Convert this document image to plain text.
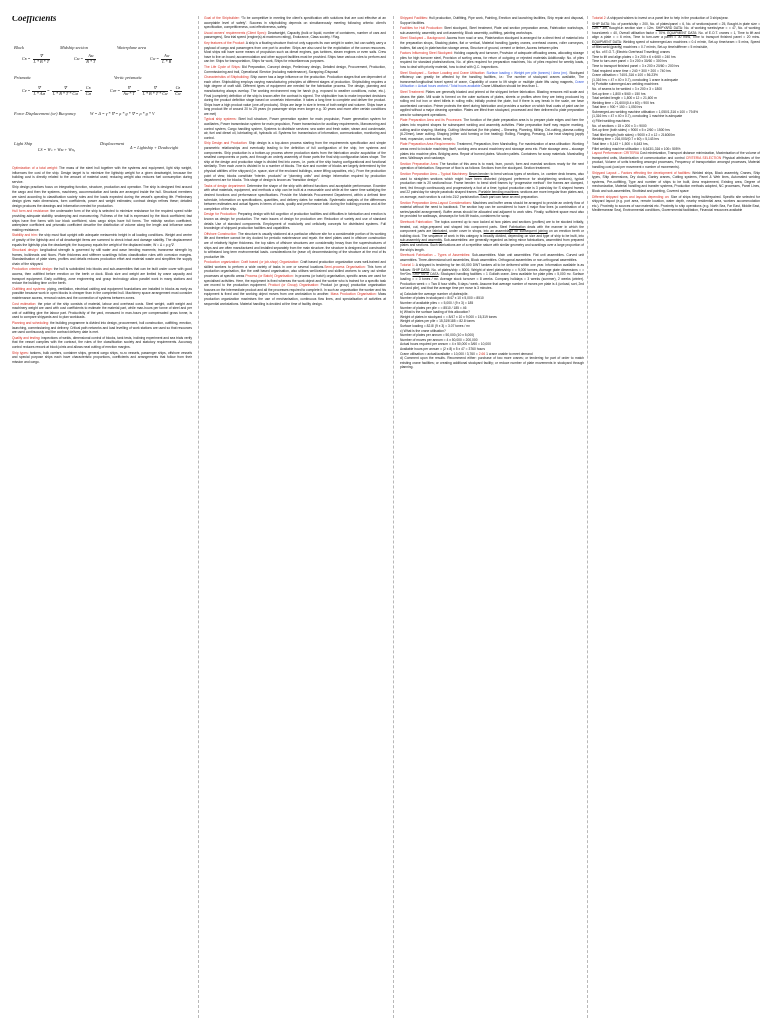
Coefficients
Block	Midship section	Waterplane area
Cʙ =
∇
L * B * T
Cᴍ = $\frac{\text{Aᴍ}}{B * T}$	Cᴡ = $\frac{\text{Aᴡ}}{L * B}$
Prismatic	Vertic prismatic
Cᴘ =
∇
L * Aᴍ
=
∇
L * B * T * Cᴍ
= $\frac{\text{Cʙ}}{\text{Cᴍ}}$	Cᴠᴘ =
∇
Aᴡ * T
=
∇
L * B * T * Cᴡ
= $\frac{\text{Cʙ}}{\text{Cᴡ}}$
Force Displacement (or) Buoyancy	W = Δ = γ * ∇ = ρ * g * ∇ = ρ * g * V
Light Ship
LS = Wₛ + Wᴍ + Wᴏₐ
Displacement
Δ = Lightship + Deadweight
Optimization of a total weight: The mass of the steel hull together with the systems and equipment, light ship weight, influences the cost of the ship. Design target is to minimize the lightship weight for a given deadweight, because the building cost is directly related to the amount of material used; reducing weight also reduces fuel consumption during service.
Ship design practices focus on integrating function, structure, production and operation. The ship is designed first around the cargo and then the systems, machinery, accommodation and tanks are arranged inside the hull. Structural members are sized according to classification society rules and the loads expected during the vessel's operating life. Preliminary design gives main dimensions, form coefficients, power and weight estimates; contract design refines these; detailed design produces the drawings and information needed for production.
Hull form and resistance: the underwater form of the ship is selected to minimize resistance for the required speed while providing adequate stability, seakeeping and manoeuvring. Fullness of the hull is expressed by the block coefficient; fast ships have fine forms with low block coefficient, slow cargo ships have full forms. The midship section coefficient, waterplane coefficient and prismatic coefficient describe the distribution of volume along the length and influence wave making resistance.
Stability and trim: the ship must float upright with adequate metacentric height in all loading conditions. Weight and centre of gravity of the lightship and of all deadweight items are summed to check intact and damage stability. The displacement equals the lightship plus the deadweight; the buoyancy equals the weight of the displaced water, W = Δ = ρ g ∇.
Structural design: longitudinal strength is governed by still water and wave bending moments; transverse strength by frames, bulkheads and floors. Plate thickness and stiffener scantlings follow classification rules with corrosion margins. Standardisation of plate sizes, profiles and details reduces production effort and material waste and simplifies the supply chain of the shipyard.
Production oriented design: the hull is subdivided into blocks and sub-assemblies that can be built under cover with good access, then outfitted before erection on the berth or dock. Block size and weight are limited by crane capacity and transport equipment. Early outfitting, zone engineering and group technology allow parallel work in many stations and reduce the building time on the berth.
Outfitting and systems: piping, ventilation, electrical cabling and equipment foundations are installed in blocks as early as possible because work in open blocks is cheaper than in the completed hull. Machinery space arrangement must consider maintenance access, removal routes and the connection of systems between zones.
Cost estimation: the price of the ship consists of material, labour and overhead costs. Steel weight, outfit weight and machinery weight are used with cost coefficients to estimate the material part, while man-hours per tonne of steel and per unit of outfitting give the labour part. Productivity of the yard, measured in man-hours per compensated gross tonne, is used to compare shipyards and to plan workloads.
Planning and scheduling: the building programme is divided into design, procurement, hull construction, outfitting, erection, launching, commissioning and delivery. Critical path networks and load levelling of work stations are used so that resources are used continuously and the contract delivery date is met.
Quality and testing: inspections of welds, dimensional control of blocks, tank tests, inclining experiment and sea trials verify that the vessel complies with the contract, the rules of the classification society and statutory requirements. Accuracy control reduces rework at block joints and allows neat cutting of erection margins.
Ship types: tankers, bulk carriers, container ships, general cargo ships, ro-ro vessels, passenger ships, offshore vessels and special purpose ships each have characteristic proportions, coefficients and arrangements that follow from their mission and cargo.
Goal of the Shipbuilder: “To be competitive in meeting the client’s specification with solutions that are cost effective at an acceptable level of safety”. Success in shipbuilding depends on simultaneously meeting following criteria: client’s specification, competitiveness, cost effectiveness, safety.
Usual owners’ requirements (Client Spec): Deadweight, Capacity (bulk or liquid, number of containers, number of cars and passengers), Sea trial speed (engine(s) at maximum rating), Endurance, Class society / Flag.
Key features of the Product: A ship is a floating structure that not only supports its own weight in water, but can safely carry a payload of cargo and passengers from one port to another. Ships are also used for the exploitation of the ocean resources. Most ships will have some means of propulsion such as diesel engines, gas turbines, steam engines or even sails. Crew have to live on board; accommodation and other support facilities must be provided. Ships have various roles to perform and can be: Ships for transportation, Ships for work, Ships for miscellaneous purposes.
The Life Cycle of Ships: Bid Preparation, Concept design, Preliminary design, Detailed design, Procurement, Production, Commissioning and trail, Operational /Service (including maintenance), Scrapping /Disposal
Characteristics of Shipbuilding: Ship owner has a large influence on the production. Production stages that are dependent of each other. Shipbuilding employs varying manufacturing principles at different stages of production. Shipbuilding requires a high degree of craft skill. Different types of equipment are needed for the fabrication process. The design, planning and manufacturing always overlap. The working environment may be harsh (e.g. exposed to weather conditions, noise, etc.). Final (complete) definition of the ship is known after the contract is signed. The shipbuilder has to make important decisions during the product definition stage based on uncertain information. It takes a long time to complete and deliver the product. Ships have a high product value (one-off products). Ships are large in size in terms of both weight and volume. Ships have a long product life of around 20 to 25 years (in passenger ships even longer e.g. 30 years and more after certain conditions are met)
Typical ship systems: Steel hull structure, Power generation system for main propulsion, Power generation system for auxiliaries, Power transmission system for main propulsion, Power transmission for auxiliary requirements, Manoeuvring and control system, Cargo handling system, Systems to distribute services: sea water and fresh water, steam and condensate, air, fuel and diesel oil, lubricating oil, hydraulic oil. Systems for: transmission of information, communication, monitoring and control.
Ship Design and Production: Ship design is a top-down process starting from the requirements specification and simple parametric relationships and eventually leading to the definition of full configuration of the ship, her systems and components. Ship production is a bottom-up process where production starts from the fabrication and/or acquisition of the smallest components or parts, and through an orderly assembly of those parts the final ship configuration takes shape. The ship at the design and production stage is divided first into zones, i.e. parts of the ship having configurational and functional similarity. Then each zone is divided in to a number of blocks. The size and number of blocks are largely determined by the physical abilities of the shipyard (i.e. space, size of the enclosed buildings, crane lifting capacities, etc.). From the production point of view, blocks constitute “interim. products” or “planning units” and design information required by production department are for blocks. This stage of design is known as “transition design”.
Tasks of design department: Determine the shape of the ship with defined functions and acceptable performance. Examine with what materials, equipment, and methods a ship can be built at a reasonable cost while at the same time satisfying the desired functions and performance specifications. Provide the Materials Procurement Department, within a defined time schedule, information on specifications, quantities, and delivery dates for materials. Systematic analysis of the differences between estimates and actual figures in terms of costs, quality and performance both during the building process and at the completion of the ship.
Design for Production: Preparing design with full cognition of production facilities and difficulties in fabrication and erection is known as design for production. The main issues of design for production are: Reduction of variety and use of standard details Use of standard components. Employment of modularity and cellularity concepts for distributed systems. Full knowledge of shipyard production facilities and capabilities.
Offshore Construction: The structure is usually stationed at a particular offshore site for a considerable portion of its working life and therefore cannot be dry docked for periodic maintenance and repair. the steel plates used in offshore construction are of relatively higher thickness. the top sides of offshore structures are considerably heavy than the superstructures of ships and are often manufactured and installed separately from the main structure. the structure is designed and constructed to withstand long term environmental loads. considerations for (ease of) decommissioning of the structure at the end of its productive life.
Production organization: Craft based (or job-shop) Organization: Craft based production organization uses well-trained and skilled workers to perform a wide variety of tasks in one or several locations.Semi-process Organisation: This form of production organisation, like the craft based organisation, also utilises well-trained and skilled workers to carry out similar processes at specific areas Process (or Batch) Organisation: In process (or batch) organisation, specific areas are used for specialised activities. Here, the equipment is fixed whereas the work object and the worker who is trained for a specific task are moved to the production equipment. Product (or Group) Organisation: Product (or group) production organisation focuses on the intermediate product and all the processes required to complete it. In such an organisation the worker and his equipment is fixed and the working object moves from one workstation to another. Mass Production Organisation: Mass production organization maximises the use of mechanisation, continuous flow lines, and specialisation of activities at sequential workstations. Material handling is decided at the time of facility design.
Shipyard Facilities: Hull production, Outfitting, Pipe work, Painting, Erection and launching facilities, Ship repair and disposal, Support facilities.
Facilities for Hull Production: Steel stockyard, Steel treatment, Plate and section preparation areas, Fabrication workshops, sub-assembly, assembly and unit assembly, Block assembly, outfitting, painting workshops.
Steel Stockyard – Background: Access from road or sea, Plate/section stockyard is arranged for a direct feed of material into the preparation shops, Stacking plates, flat or vertical, Material handling (gantry cranes, overhead cranes, roller conveyors, trailers, flat cars) in plate/section storage areas, Structure of ground, cement or timber, Access between piles
Factors Influencing Steel Stockyard: Holding capacity and turnover, Provision of adequate offloading areas, allocating storage piles for high turnover steel, Provision of sorting areas, for return of outgoing or rejected materials Additionally: No. of piles required for standard plates/sections, No. of piles required for preparation machines, No. of piles required for weekly loads, how to deal with priority material, how to deal with Q.C. inspections.
Steel Stockyard – Surface Loading and Crane Utilisation: Surface loading = Weight per pile (tonnes) / Area (m²). Stockyard efficiency can greatly be affected by the handling facilities, i.e.: The number of stockyard cranes available, The transverse/longitudinal travel speed of crane, Capability of crane to lift single or multiple plate lifts using magnets, Crane Utilisation = Actual hours worked / Total hours available Crane Utilisation should be less than 1.
Steel Treatment: Plates are generally blasted and primed at the shipyard before fabrication. Blasting removes mill scale and cleans the plate. Mill scale is formed on the outer surfaces of plates, sheets or profiles when they are being produced by rolling red hot iron or steel billets in rolling mills; initially protect the plate, but if there is any break in the scale, we have accelerated corrosion. Primer protects the steel during fabrication and provides a surface on which final coats of paint can be applied without a major cleaning operation. Plates are lifted from stockyard, processed and then delivered to plate preparation area for subsequent operations.
Plate Preparation Area and its Processes: The function of the plate preparation area is to prepare plate edges and form the plates into required shapes for subsequent welding and assembly activities. Plate preparation itself may require marking, cutting and/or shaping. Marking. Cutting: Mechanical (for thin plates) – Shearing, Planning, Milling. Oxi-cutting, plasma cutting (6-20mm), laser cutting. Shaping (either cold forming or line heating): Rolling, Flanging, Pressing, Line heat shaping (apply heat, expansion, contraction, bend).
Plate Preparation Area Requirements: Treatment, Preparation, then Marshalling. For maximization of area utilisation: Working areas need to include machining itself, working area around machinery and stowage area etc. Plate stowage area – stowage plates into machine piles. Bridging area. Repair of burned plates. Wooden pallets. Containers for scrap materials. Marshalling area. Walkways and roadways
Section Preparation Area: The function of this area is to mark, burn, punch, form and marshal sections ready for the next operation of fabrication. Sequence of flow is as follows: Sections from the stockyard. Section treatment.
Section Preparation Area – Typical Machinery: Beam bender: to bend various types of sections, i.e. camber deck beams, also used to straighten sections which might have been distorted (shipyard preference for straightening sections), typical production rate is 20 sections/hour. Frame bender: to bend shell frames by “progressive method”: the frames are clamped, bent, fed through continuously and progressively a foot at a time; typical production rate is 3 pairs/day for S shaped frames and 22 pairs/day for simple parabolic shaped frames. Portable bending machines: sections are more irregular than plates and, on average, each section is cut into 21/2 parts/section. Each part can have an end preparation.
Section Preparation Area-Layout Considerations: Machines and buffer areas should be arranged to provide an orderly flow of material without the need to backtrack. The section bay can be considered to have 4 major flow lines (a combination of a series/parallel arrangement). Buffer areas should be allocated and adjacent to work sites. Finally, sufficient space must also be provided for walkways, clearways for fork lift trucks, containers for scrap.
Steelwork Fabrication: The topics covered up to now looked at how plates and sections (profiles) are to be stocked initially, treated, cut, edge-prepared and shaped into component parts. Steel Fabrication deals with the manner in which the component parts are fabricated, under cover in shops, into an assemblage for subsequent joining on an erection berth or building dock. The sequence of work in this category is broadly divided, depending on size and type of ship to be built, into sub-assembly and assembly. Sub-assemblies: are generally regarded as being minor fabrications, assembled from prepared plates and sections. Such fabrications are of a repetitive nature with similar geometry and scantlings over a large proportion of the ship’s length.
Steelwork Fabrication – Types of Assemblies: Sub-assemblies. Main unit assemblies: Flat unit assemblies. Curved unit assemblies. Three-dimensional unit assemblies, Block assemblies. Orthogonal assemblies or non-orthogonal assemblies.
Tutorial 1: A shipyard is tendering for ten 60,000 DWT tankers all to be delivered within one year. Information available is as follows: SHIP DATA: No. of plates/ship = 5000. Weight of steel plates/ship = = 9,000 tonnes. Average plate dimensions = = 9m*3m. SHIPYARD DATA: Stockyard handling facilities = 1 Goliath crane. Area available for plate piles = 5,000 m². Surface loading = = 3 tones / m². Average stock turnover = 8 weeks. Company holidays = 3 weeks (summer), 2 weeks (winter). Production week = = Two 8 hour shifts, 5 days / week. Assume that average number of moves per plate is 4 (unload, sort, 2nd sort and pile), and that the average time per move is 3 minutes.
a) Calculate the average number of plates/pile.
Number of plates in stockyard = 8/47 x 10 x 5,000 = 8510
Number of available piles = = 5,000 / (9 x 3) = 185
Number of plates per pile = = 8510 / 185 = 46
b) What is the surface loading of this allocation?
Weight of plates in stockyard = = 8/47 x 10 x 9,000 = 15,319 tones
Weight of plates per pile = 15,319/185 = 82.8 tones
Surface loading = 82.8/ (9 x 3) = 3.07 tones / m²
c) What is the crane utilisation?
Number of plates per annum = 50,000 (10 x 5,000)
Number of moves per annum = 4 x 50,000 = 200,000
Actual hours required per annum = 4 x 50,000 x 3/60 = 10,000
Available hours per annum = (2 x 8) x 5 x 47 = 3760 hours
Crane utilisation = actual/available = 10,000 / 3,760 = 2.66 1 crane unable to meet demand
d) Comment upon the results. Recommend either: purchase of two more cranes; or tendering for part of order to match existing crane facilities; or creating additional stockyard facility; or reduce number of plate movements in stockyard through planning.
Tutorial 2: A shipyard wishes to invest on a panel line to help in the production of 3 ships/year.
SHIP DATA: No. of panels/ship = 200, No. of plates/panel = 6, No. of sections/panel = 25, Bought-in plate size = 12m * 3m, Bought-in section size = 12m. SHIPYARD DATA: No. of working weeks/year = = 47, No. of working hours/week = 40, Overall utilisation factor = 70%. EQUIPMENT DATA: No. of E.O.T. cranes = 1, Time to lift and align a plate = = 6 mins, Time to turn-over a panel = 30 mins, Time to transport finished panel = 20 mins. EQUIPMENT DATA: Welding speed of submerged-arc machines = 0.4 m/min, Set-up time/seam = 5 mins, Speed of fillet-weld (gravity) machines = 0.7 m/min, Set-up time/stiffener = 5 mins/side,
a) No. of E.O.T. (Electric Overhead Travelling) cranes
Time to lift and align plates = 3 x 200 x 6 x 6/60 = 240 hrs
Time to turn-over panel = 3 x 200 x 30/60 = 300 hrs
Time to transport finished panel = 3 x 200 x 20/60 = 200 hrs
Total required crane time = 240 + 300 + 200 = 740 hrs
Crane utilisation = 740/1,316 x 100 = 56.23%
(1,316 hrs = 47 x 40 x 0.7), concluding 1 crane is adequate
b) Portable submerged-arc welding machines
No. of seams to be welded = 3 x 200 x 3 = 1800
Set-up time = 1,800 x 5/60 = 150 hrs
Total welded length = 1,800 x 12 = 21,600 m
Welding time = 21,600/(0.4 x 60) = 900 hrs
Total time = 900 + 150 = 1,050 hrs
Submerged-arc welding machine utilisation = 1,050/1,316 x 100 = 79.8%
(1,316 hrs = 47 x 40 x 0.7), concluding 1 machine is adequate
c) Fillet welding machines
No. of sections = 15 x 200 x 3 = 9000
Set-up time (both sides) = 9000 x 5 x 2/60 = 1500 hrs
Total fillet length (both sides) = 9000 x 2 x 12 = 216000m
Welding time = 216,000/(0.7 x 60) = 5,143 hrs
Total time = 5,143 + 1,500 = 6,643 hrs,
Fillet welding machine utilisation = 6,643/1,316 x 100= 505%
Layout Performance: CRITERIA Cost minimization, Transport distance minimization, Maximisation of the volume of transported units, Maximization of communication and control CRITERIA SELECTION Physical attributes of the product, Volume of units travelling amongst processes, Frequency of transportation amongst processes, Material handling cost (cost per movement x number of movements).
Shipyard Layout – Factors effecting the development of facilities: Welded ships, Block assembly, Cranes, Ship types, Ship dimensions, Dry docks, Gantry cranes, Cutting systems, Panel & Web lines, Automated welding systems, Pre-outfitting, Type and number of ships to be built, Area requirement, Existing area, Degree of mechanization, Material handling and transfer systems, Production methods adopted, NC processes, Panel Lines, Block and sub-assemblies, Shotblast and painting, Covered space
Different shipyard types and layouts depending on: Size of ships being built/repaired. Specific site selected for shipyard layout (e.g. port area, remote location, water depth, nearby residential area, workers accommodation etc.). Proximity to sources of raw material etc. Proximity to ship operations (e.g. North Sea, Far East, Middle East, Mediterranean Sea), Environmental conditions, Governmental facilitation, Financial resources available
